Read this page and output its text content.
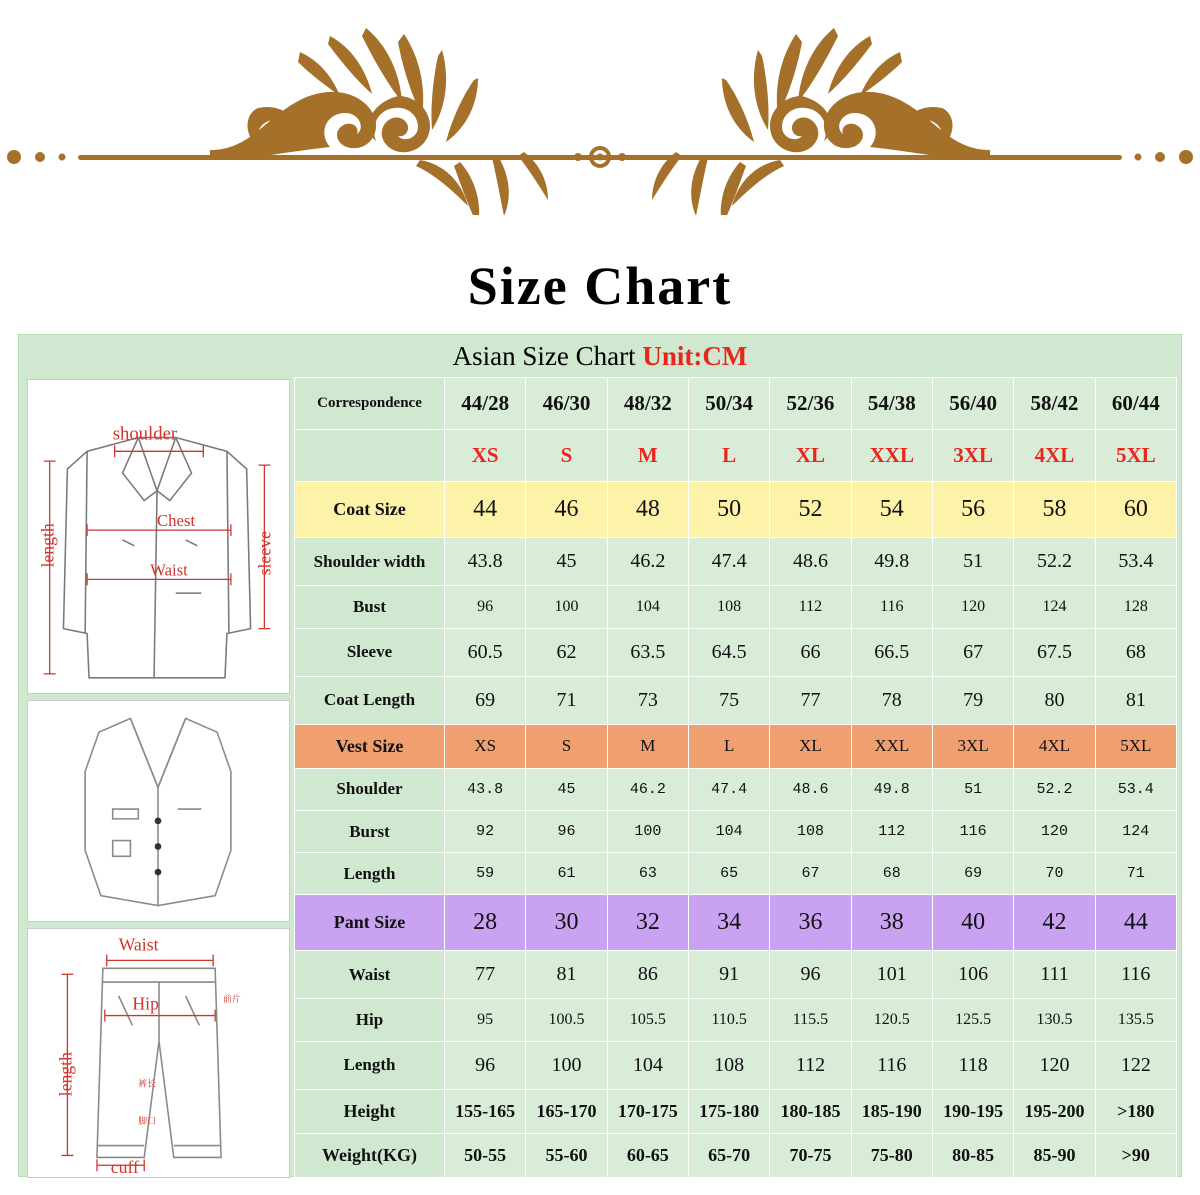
Size Chart
Asian Size Chart Unit:CM
shoulder
Chest
Waist
length	sleeve
Waist
Hip
length
cuff
前片
裤长
脚口
Correspondence	44/28	46/30	48/32	50/34	52/36	54/38	56/40	58/42	60/44
	XS	S	M	L	XL	XXL	3XL	4XL	5XL
Coat Size	44	46	48	50	52	54	56	58	60
Shoulder width	43.8	45	46.2	47.4	48.6	49.8	51	52.2	53.4
Bust	96	100	104	108	112	116	120	124	128
Sleeve	60.5	62	63.5	64.5	66	66.5	67	67.5	68
Coat Length	69	71	73	75	77	78	79	80	81
Vest Size	XS	S	M	L	XL	XXL	3XL	4XL	5XL
Shoulder	43.8	45	46.2	47.4	48.6	49.8	51	52.2	53.4
Burst	92	96	100	104	108	112	116	120	124
Length	59	61	63	65	67	68	69	70	71
Pant Size	28	30	32	34	36	38	40	42	44
Waist	77	81	86	91	96	101	106	111	116
Hip	95	100.5	105.5	110.5	115.5	120.5	125.5	130.5	135.5
Length	96	100	104	108	112	116	118	120	122
Height	155-165	165-170	170-175	175-180	180-185	185-190	190-195	195-200	>180
Weight(KG)	50-55	55-60	60-65	65-70	70-75	75-80	80-85	85-90	>90
